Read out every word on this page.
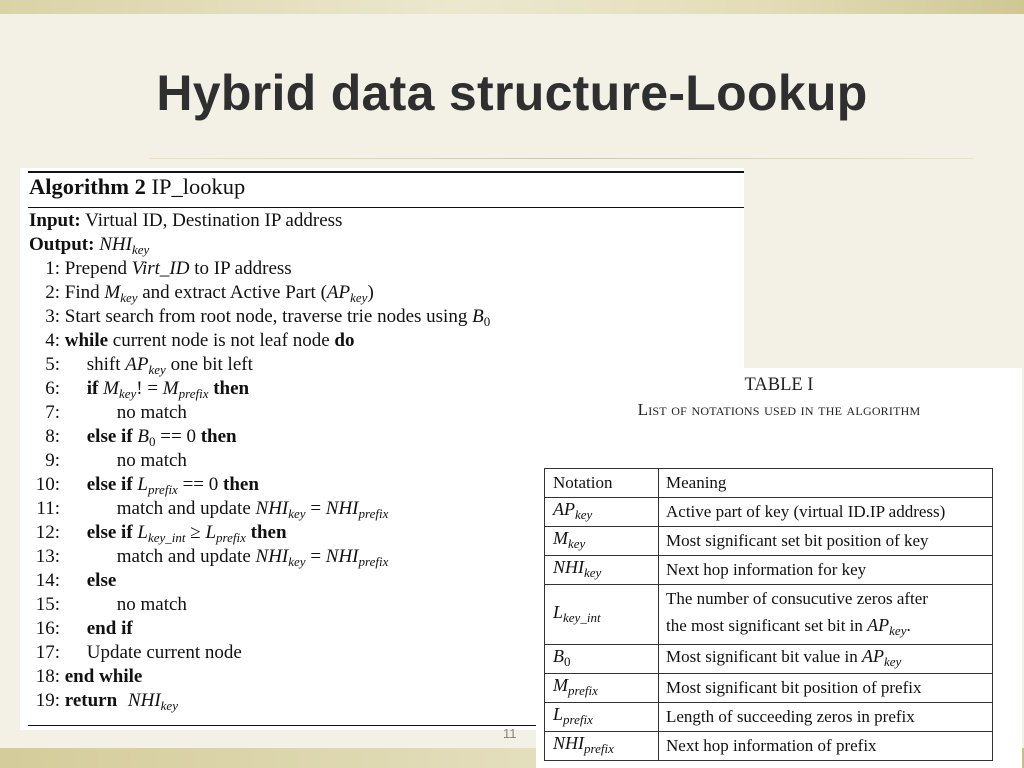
Hybrid data structure-Lookup
Algorithm 2 IP_lookup
Input: Virtual ID, Destination IP address
Output: $NHI_{key}$
1: Prepend Virt_ID to IP address
2: Find $M_{key}$ and extract Active Part $(AP_{key})$
3: Start search from root node, traverse trie nodes using $B_0$
4: while current node is not leaf node do
5: shift $AP_{key}$ one bit left
6: if $M_{key}$! = $M_{prefix}$ then
7:	no match
8: else if $B_0 == 0$ then
9:	no match
10: else if $L_{prefix} == 0$ then
11:	match and update $NHI_{key} = NHI_{prefix}$
12: else if $L_{key\_int} \ge L_{prefix}$ then
13:	match and update $NHI_{key} = NHI_{prefix}$
14: else
15:	no match
16: end if
17: Update current node
18: end while
19: return $NHI_{key}$
11
TABLE I
List of notations used in the algorithm
Notation	Meaning
$AP_{key}$	Active part of key (virtual ID.IP address)
$M_{key}$	Most significant set bit position of key
$NHI_{key}$	Next hop information for key
$L_{key\_int}$	The number of consucutive zeros after
the most significant set bit in $AP_{key}$.
$B_0$	Most significant bit value in $AP_{key}$
$M_{prefix}$	Most significant bit position of prefix
$L_{prefix}$	Length of succeeding zeros in prefix
$NHI_{prefix}$	Next hop information of prefix
